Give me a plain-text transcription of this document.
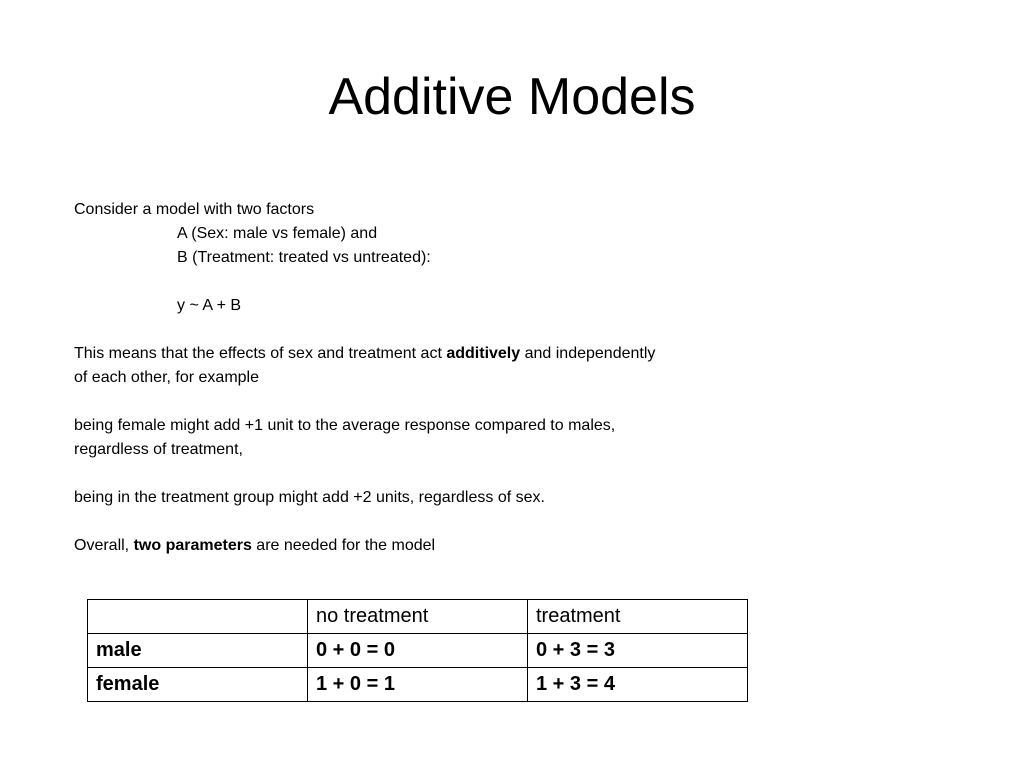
Additive Models
Consider a model with two factors
A (Sex: male vs female) and
B (Treatment: treated vs untreated):
y ~ A + B
This means that the effects of sex and treatment act additively and independently
of each other, for example
being female might add +1 unit to the average response compared to males,
regardless of treatment,
being in the treatment group might add +2 units, regardless of sex.
Overall, two parameters are needed for the model
	no treatment	treatment
male	0 + 0 = 0	0 + 3 = 3
female	1 + 0 = 1	1 + 3 = 4
